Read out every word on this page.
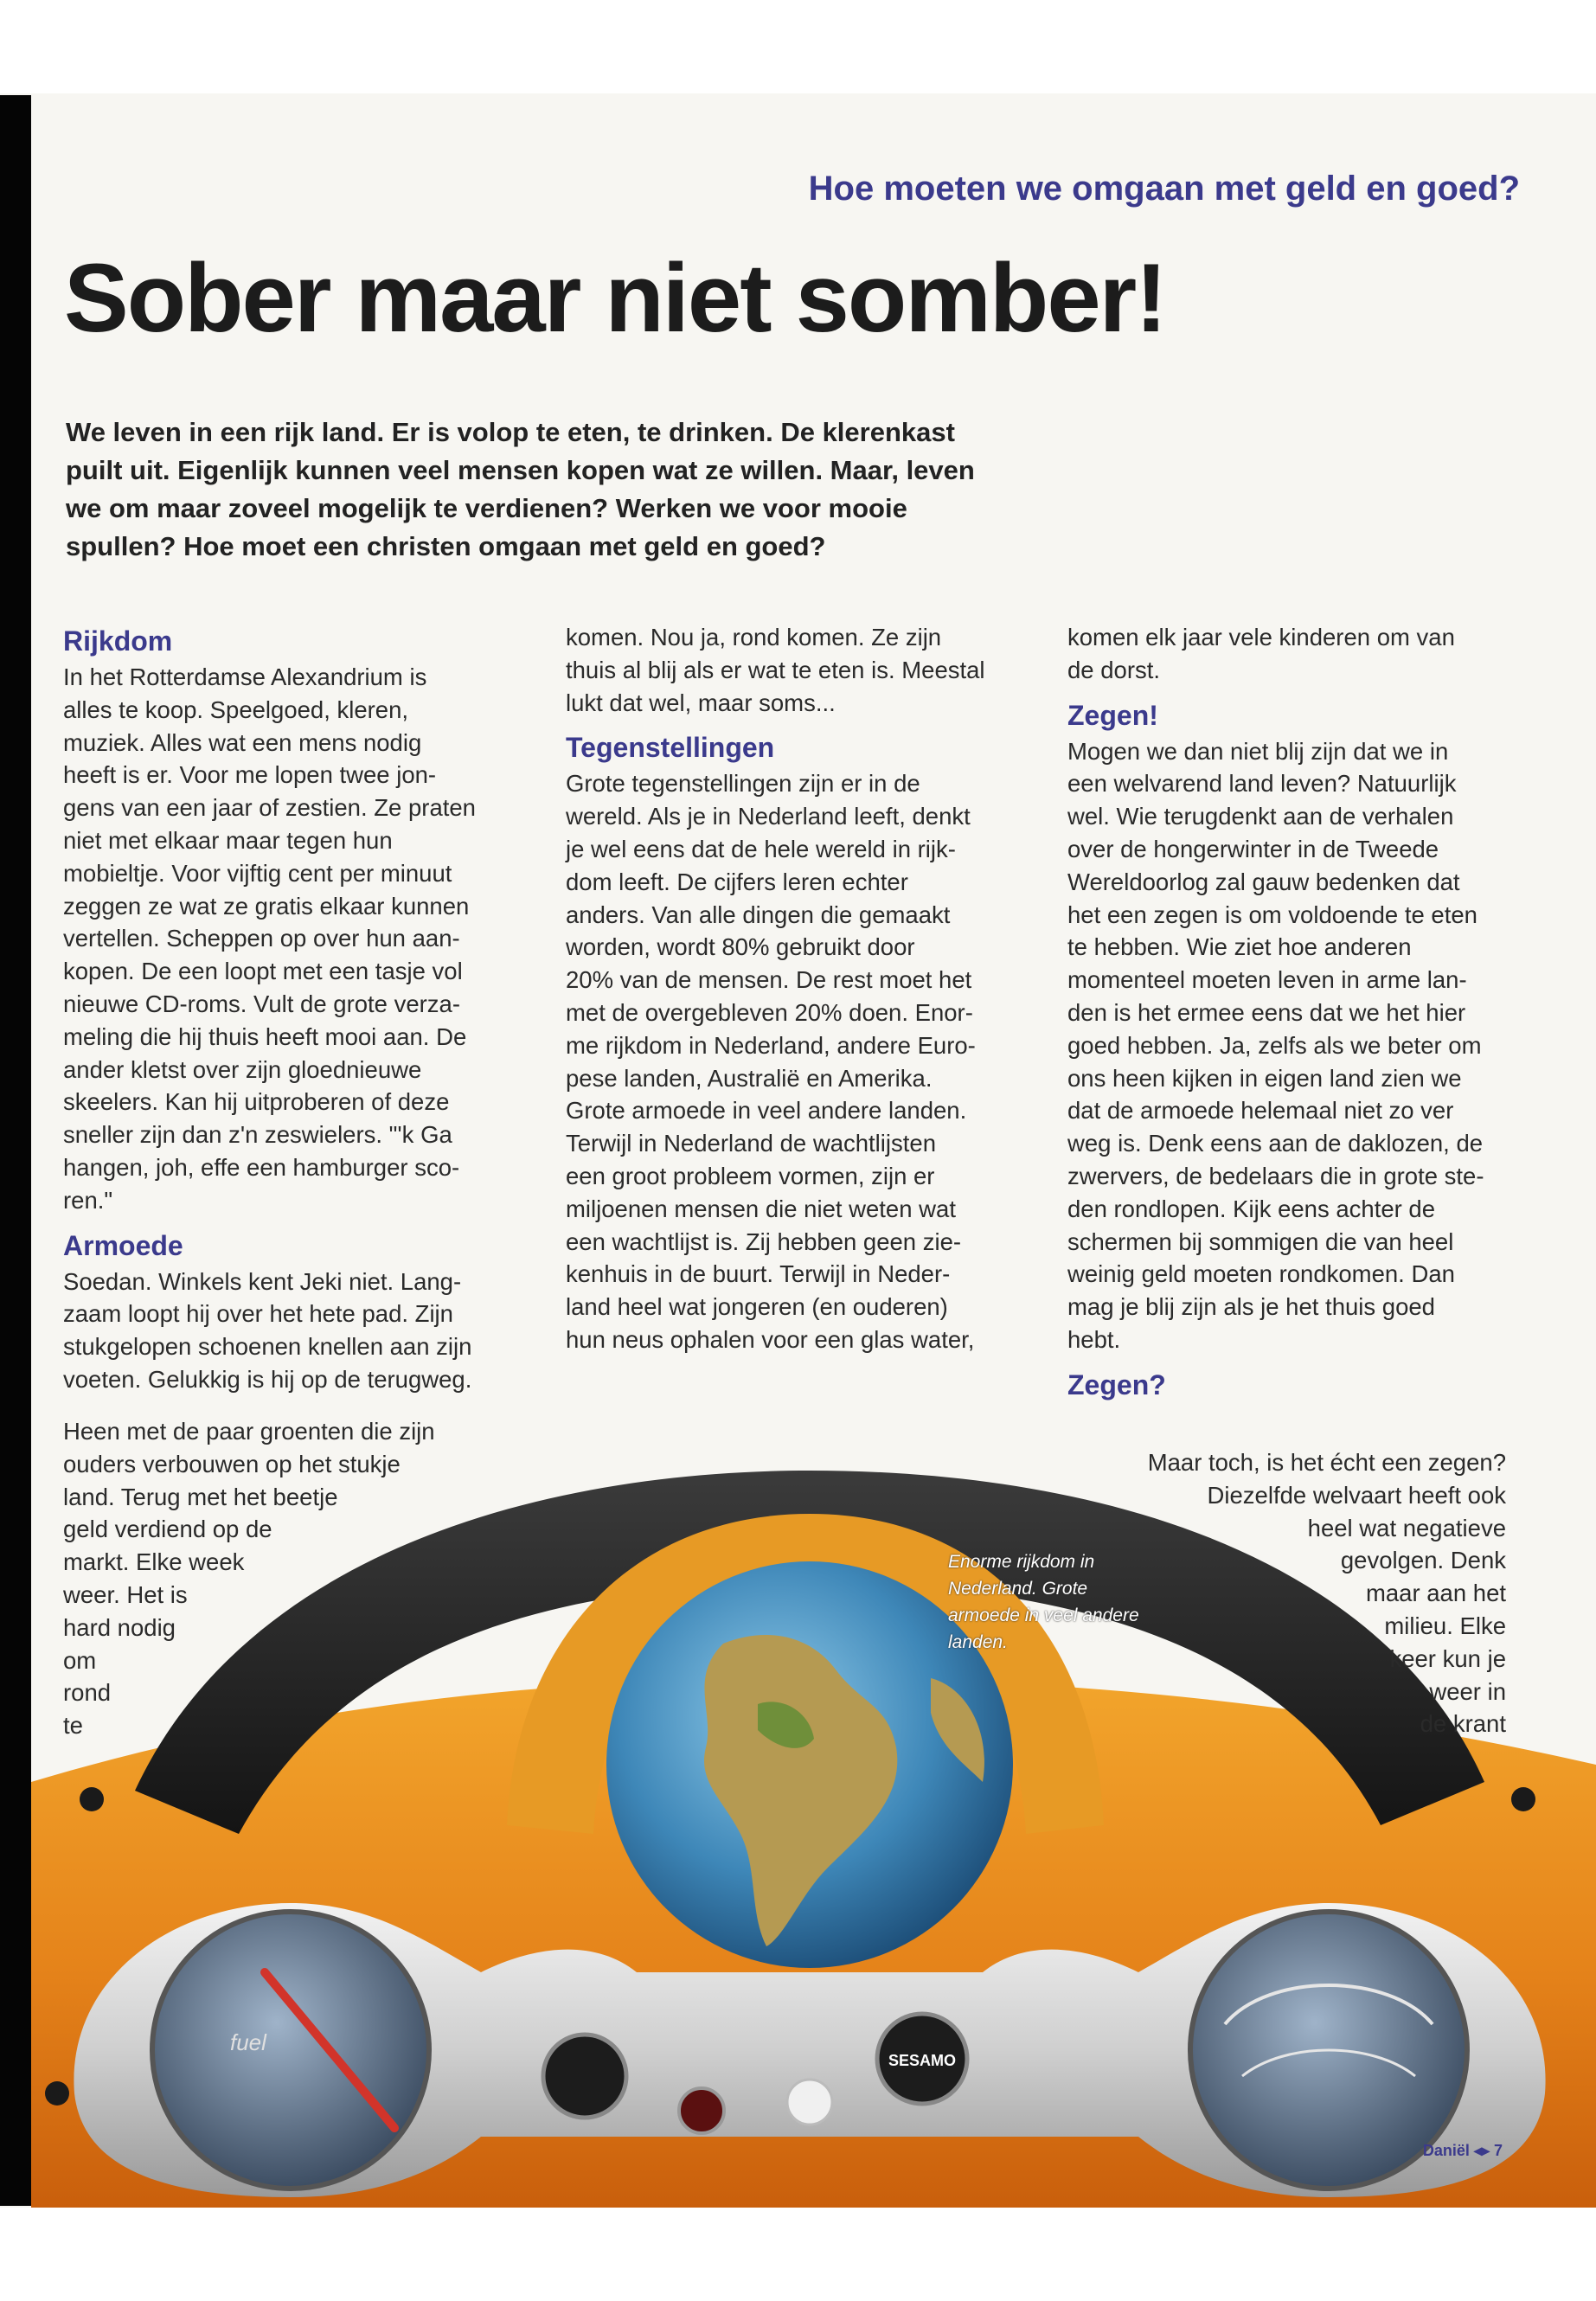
Hoe moeten we omgaan met geld en goed?
Sober maar niet somber!
We leven in een rijk land. Er is volop te eten, te drinken. De klerenkast puilt uit. Eigenlijk kunnen veel mensen kopen wat ze willen. Maar, leven we om maar zoveel mogelijk te verdienen? Werken we voor mooie spullen? Hoe moet een christen omgaan met geld en goed?
fuel
SESAMO
Enorme rijkdom in
Nederland. Grote
armoede in veel andere
landen.
Rijkdom

In het Rotterdamse Alexandrium is
alles te koop. Speelgoed, kleren,
muziek. Alles wat een mens nodig
heeft is er. Voor me lopen twee jon-
gens van een jaar of zestien. Ze praten
niet met elkaar maar tegen hun
mobieltje. Voor vijftig cent per minuut
zeggen ze wat ze gratis elkaar kunnen
vertellen. Scheppen op over hun aan-
kopen. De een loopt met een tasje vol
nieuwe CD-roms. Vult de grote verza-
meling die hij thuis heeft mooi aan. De
ander kletst over zijn gloednieuwe
skeelers. Kan hij uitproberen of deze
sneller zijn dan z'n zeswielers. "'k Ga
hangen, joh, effe een hamburger sco-
ren."

Armoede

Soedan. Winkels kent Jeki niet. Lang-
zaam loopt hij over het hete pad. Zijn
stukgelopen schoenen knellen aan zijn
voeten. Gelukkig is hij op de terugweg.

Heen met de paar groenten die zijn

ouders verbouwen op het stukje

land. Terug met het beetje

geld verdiend op de

markt. Elke week

weer. Het is

hard nodig

om

rond

te

komen. Nou ja, rond komen. Ze zijn
thuis al blij als er wat te eten is. Meestal
lukt dat wel, maar soms...

Tegenstellingen

Grote tegenstellingen zijn er in de
wereld. Als je in Nederland leeft, denkt
je wel eens dat de hele wereld in rijk-
dom leeft. De cijfers leren echter
anders. Van alle dingen die gemaakt
worden, wordt 80% gebruikt door
20% van de mensen. De rest moet het
met de overgebleven 20% doen. Enor-
me rijkdom in Nederland, andere Euro-
pese landen, Australië en Amerika.
Grote armoede in veel andere landen.
Terwijl in Nederland de wachtlijsten
een groot probleem vormen, zijn er
miljoenen mensen die niet weten wat
een wachtlijst is. Zij hebben geen zie-
kenhuis in de buurt. Terwijl in Neder-
land heel wat jongeren (en ouderen)
hun neus ophalen voor een glas water,

komen elk jaar vele kinderen om van
de dorst.

Zegen!

Mogen we dan niet blij zijn dat we in
een welvarend land leven? Natuurlijk
wel. Wie terugdenkt aan de verhalen
over de hongerwinter in de Tweede
Wereldoorlog zal gauw bedenken dat
het een zegen is om voldoende te eten
te hebben. Wie ziet hoe anderen
momenteel moeten leven in arme lan-
den is het ermee eens dat we het hier
goed hebben. Ja, zelfs als we beter om
ons heen kijken in eigen land zien we
dat de armoede helemaal niet zo ver
weg is. Denk eens aan de daklozen, de
zwervers, de bedelaars die in grote ste-
den rondlopen. Kijk eens achter de
schermen bij sommigen die van heel
weinig geld moeten rondkomen. Dan
mag je blij zijn als je het thuis goed
hebt.

Zegen?

Maar toch, is het écht een zegen?

Diezelfde welvaart heeft ook

heel wat negatieve

gevolgen. Denk

maar aan het

milieu. Elke

keer kun je

weer in

de krant

Daniël ◂▸ 7
